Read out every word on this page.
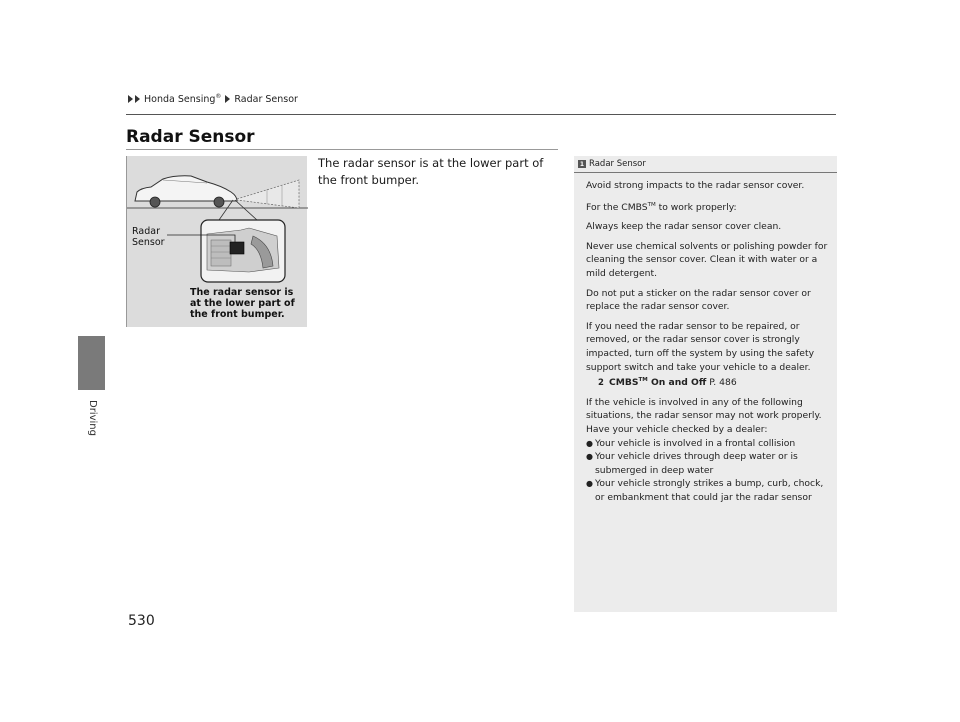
Honda Sensing® Radar Sensor
Driving
Radar Sensor
Radar
Sensor
The radar sensor is
at the lower part of
the front bumper.

The radar sensor is at the lower part of the front bumper.

1 Radar Sensor

Avoid strong impacts to the radar sensor cover.

For the CMBS™ to work properly:

Always keep the radar sensor cover clean.

Never use chemical solvents or polishing powder for cleaning the sensor cover. Clean it with water or a mild detergent.

Do not put a sticker on the radar sensor cover or replace the radar sensor cover.

If you need the radar sensor to be repaired, or removed, or the radar sensor cover is strongly impacted, turn off the system by using the safety support switch and take your vehicle to a dealer.
2 CMBS™ On and Off P. 486

If the vehicle is involved in any of the following situations, the radar sensor may not work properly. Have your vehicle checked by a dealer:

● Your vehicle is involved in a frontal collision
● Your vehicle drives through deep water or is submerged in deep water
● Your vehicle strongly strikes a bump, curb, chock, or embankment that could jar the radar sensor
530
